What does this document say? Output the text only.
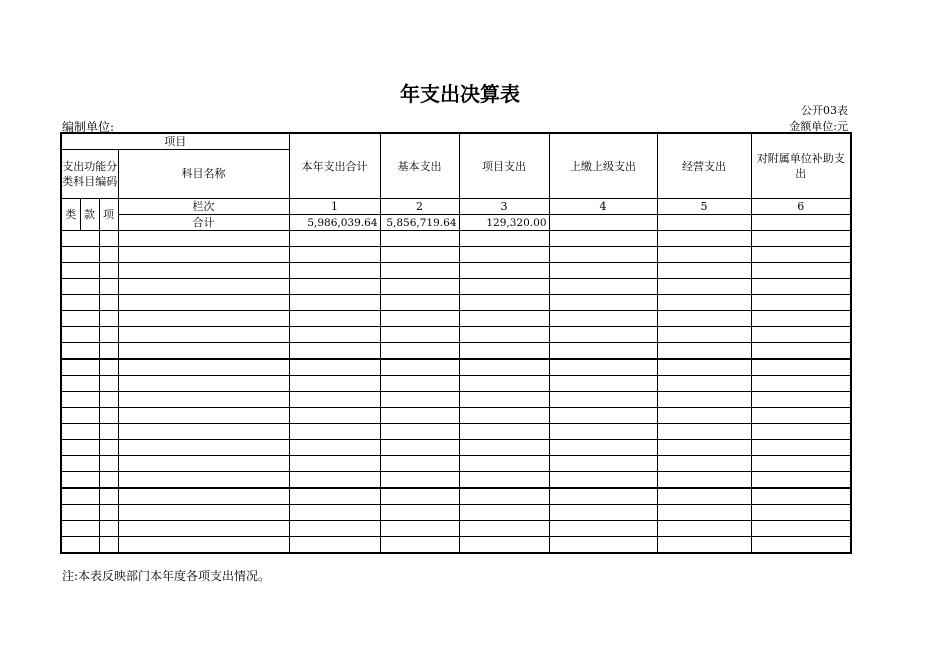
年支出决算表
公开03表
编制单位:	金额单位:元
项目				本年支出合计	基本支出	项目支出	上缴上级支出	经营支出	对附属单位补助支出
支出功能分类科目编码			科目名称						
类	款	项	栏次	1	2	3	4	5	6
			合计	5,986,039.64	5,856,719.64	129,320.00			

注:本表反映部门本年度各项支出情况。
